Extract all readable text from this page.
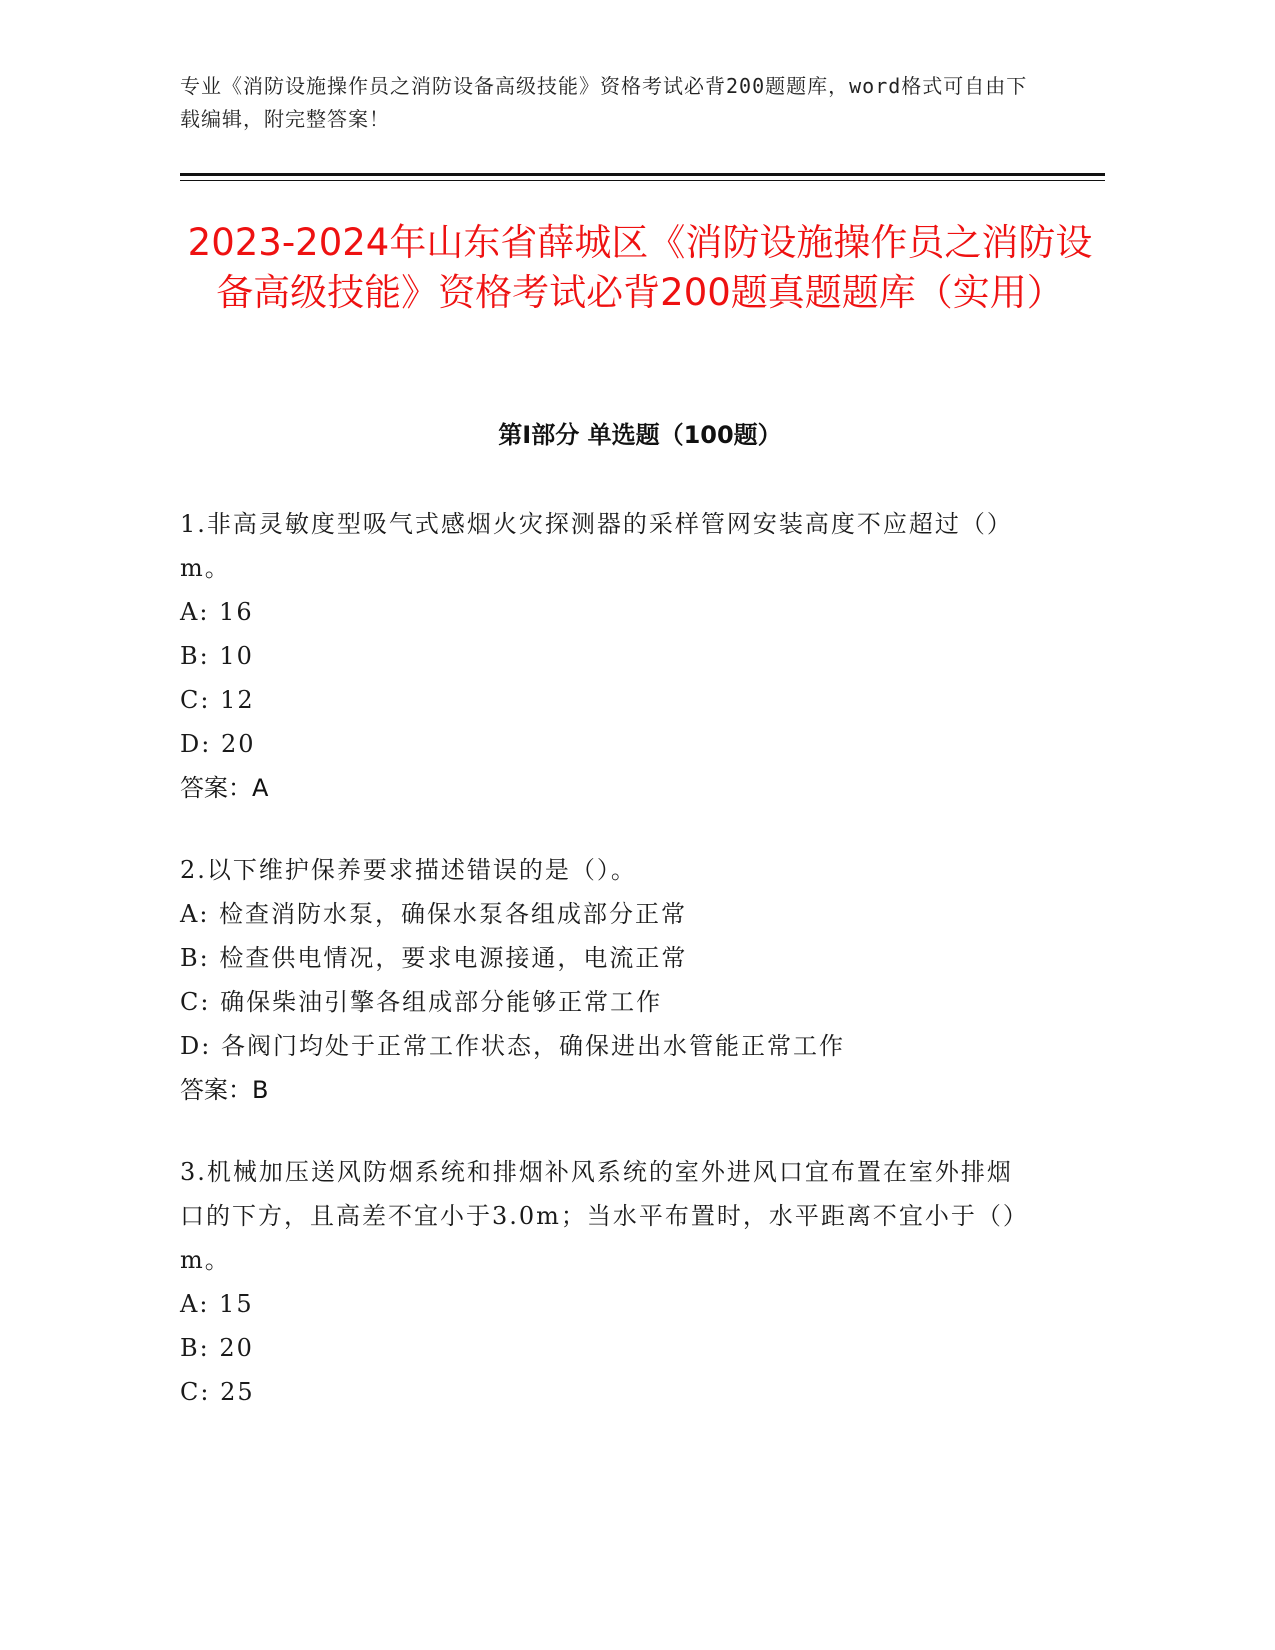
专业《消防设施操作员之消防设备高级技能》资格考试必背200题题库，word格式可自由下载编辑，附完整答案！
2023-2024年山东省薛城区《消防设施操作员之消防设备高级技能》资格考试必背200题真题题库（实用）
第I部分 单选题（100题）
1.非高灵敏度型吸气式感烟火灾探测器的采样管网安装高度不应超过（）m。
A: 16
B: 10
C: 12
D: 20
答案：A
2.以下维护保养要求描述错误的是（）。
A: 检查消防水泵，确保水泵各组成部分正常
B: 检查供电情况，要求电源接通，电流正常
C: 确保柴油引擎各组成部分能够正常工作
D: 各阀门均处于正常工作状态，确保进出水管能正常工作
答案：B
3.机械加压送风防烟系统和排烟补风系统的室外进风口宜布置在室外排烟口的下方，且高差不宜小于3.0m；当水平布置时，水平距离不宜小于（）m。
A: 15
B: 20
C: 25
